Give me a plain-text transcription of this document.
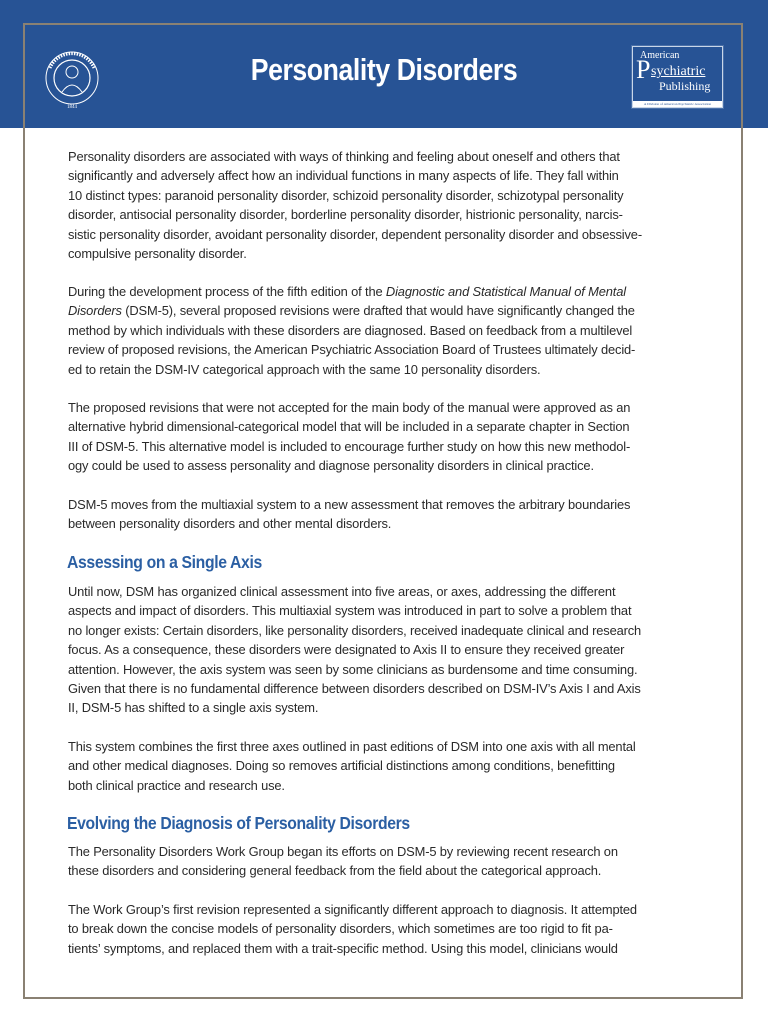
1844
Personality Disorders	American
P sychiatric
Publishing
A Division of American Psychiatric Association
Personality disorders are associated with ways of thinking and feeling about oneself and others that
significantly and adversely affect how an individual functions in many aspects of life. They fall within
10 distinct types: paranoid personality disorder, schizoid personality disorder, schizotypal personality
disorder, antisocial personality disorder, borderline personality disorder, histrionic personality, narcis-
sistic personality disorder, avoidant personality disorder, dependent personality disorder and obsessive-
compulsive personality disorder.
During the development process of the fifth edition of the Diagnostic and Statistical Manual of Mental
Disorders (DSM-5), several proposed revisions were drafted that would have significantly changed the
method by which individuals with these disorders are diagnosed. Based on feedback from a multilevel
review of proposed revisions, the American Psychiatric Association Board of Trustees ultimately decid-
ed to retain the DSM-IV categorical approach with the same 10 personality disorders.
The proposed revisions that were not accepted for the main body of the manual were approved as an
alternative hybrid dimensional-categorical model that will be included in a separate chapter in Section
III of DSM-5. This alternative model is included to encourage further study on how this new methodol-
ogy could be used to assess personality and diagnose personality disorders in clinical practice.
DSM-5 moves from the multiaxial system to a new assessment that removes the arbitrary boundaries
between personality disorders and other mental disorders.
Assessing on a Single Axis
Until now, DSM has organized clinical assessment into five areas, or axes, addressing the different
aspects and impact of disorders. This multiaxial system was introduced in part to solve a problem that
no longer exists: Certain disorders, like personality disorders, received inadequate clinical and research
focus. As a consequence, these disorders were designated to Axis II to ensure they received greater
attention. However, the axis system was seen by some clinicians as burdensome and time consuming.
Given that there is no fundamental difference between disorders described on DSM-IV’s Axis I and Axis
II, DSM-5 has shifted to a single axis system.
This system combines the first three axes outlined in past editions of DSM into one axis with all mental
and other medical diagnoses. Doing so removes artificial distinctions among conditions, benefitting
both clinical practice and research use.
Evolving the Diagnosis of Personality Disorders
The Personality Disorders Work Group began its efforts on DSM-5 by reviewing recent research on
these disorders and considering general feedback from the field about the categorical approach.
The Work Group’s first revision represented a significantly different approach to diagnosis. It attempted
to break down the concise models of personality disorders, which sometimes are too rigid to fit pa-
tients’ symptoms, and replaced them with a trait-specific method. Using this model, clinicians would
